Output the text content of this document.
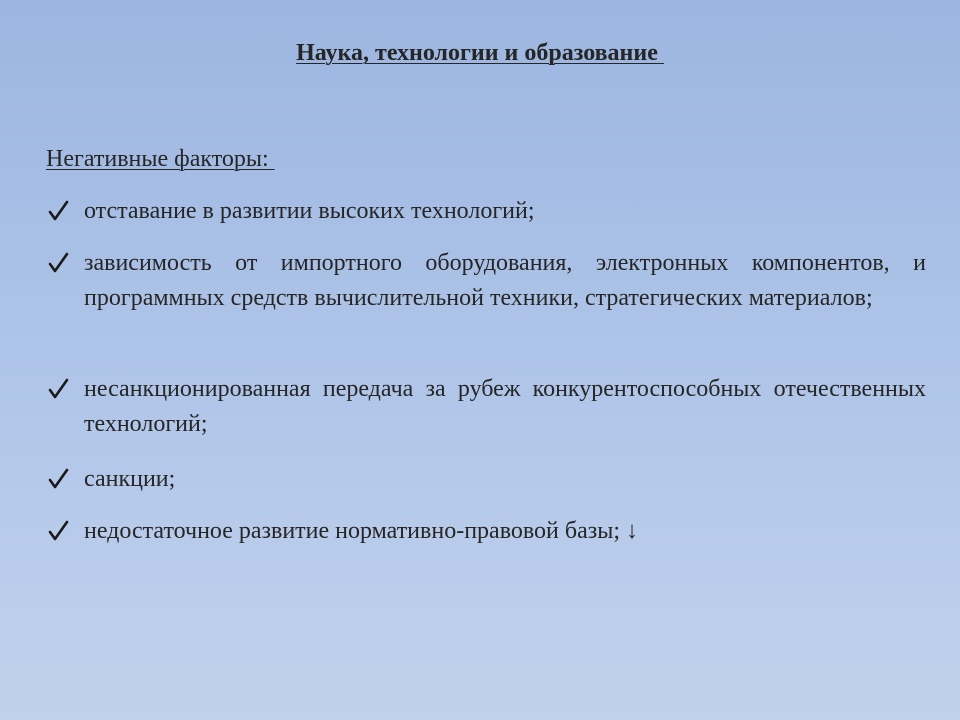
Наука, технологии и образование
Негативные факторы:
отставание в развитии высоких технологий;
зависимость от импортного оборудования, электронных компонентов, и программных средств вычислительной техники, стратегических материалов;
несанкционированная передача за рубеж конкурентоспособных отечественных технологий;
санкции;
недостаточное развитие нормативно-правовой базы; ↓
